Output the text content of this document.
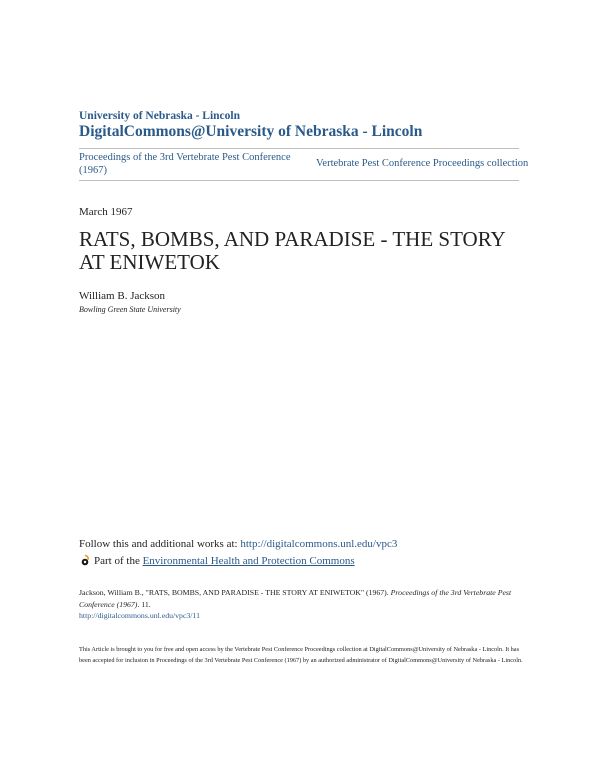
University of Nebraska - Lincoln
DigitalCommons@University of Nebraska - Lincoln
Proceedings of the 3rd Vertebrate Pest Conference (1967)
Vertebrate Pest Conference Proceedings collection
March 1967
RATS, BOMBS, AND PARADISE - THE STORY AT ENIWETOK
William B. Jackson
Bowling Green State University
Follow this and additional works at: http://digitalcommons.unl.edu/vpc3
Part of the Environmental Health and Protection Commons
Jackson, William B., "RATS, BOMBS, AND PARADISE - THE STORY AT ENIWETOK" (1967). Proceedings of the 3rd Vertebrate Pest Conference (1967). 11.
http://digitalcommons.unl.edu/vpc3/11
This Article is brought to you for free and open access by the Vertebrate Pest Conference Proceedings collection at DigitalCommons@University of Nebraska - Lincoln. It has been accepted for inclusion in Proceedings of the 3rd Vertebrate Pest Conference (1967) by an authorized administrator of DigitalCommons@University of Nebraska - Lincoln.
